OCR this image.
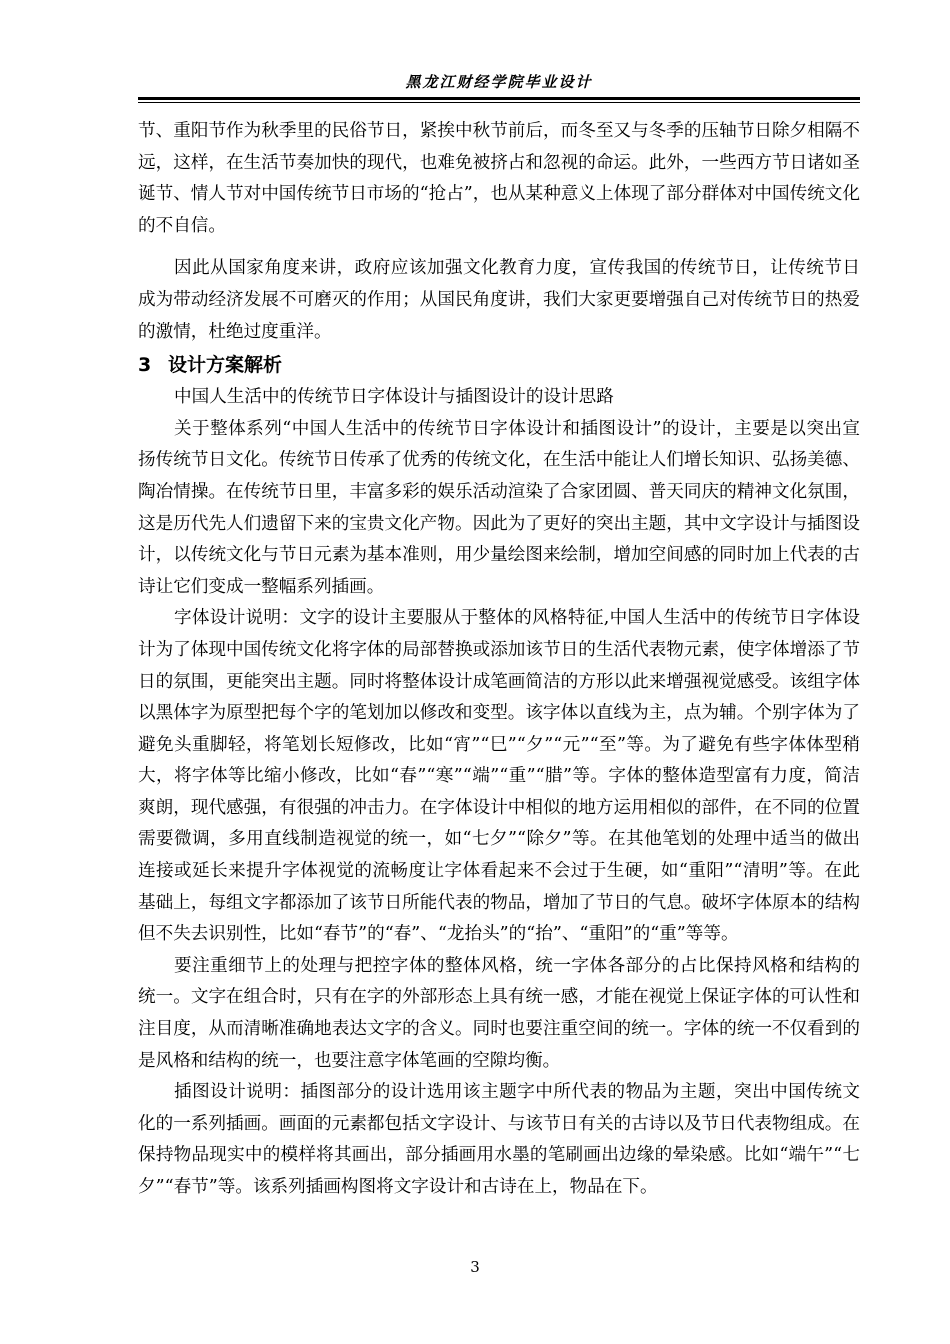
黑龙江财经学院毕业设计

节、重阳节作为秋季里的民俗节日，紧挨中秋节前后，而冬至又与冬季的压轴节日除夕相隔不远，这样，在生活节奏加快的现代，也难免被挤占和忽视的命运。此外，一些西方节日诸如圣诞节、情人节对中国传统节日市场的“抢占”，也从某种意义上体现了部分群体对中国传统文化的不自信。

因此从国家角度来讲，政府应该加强文化教育力度，宣传我国的传统节日，让传统节日成为带动经济发展不可磨灭的作用；从国民角度讲，我们大家更要增强自己对传统节日的热爱的激情，杜绝过度重洋。

3 设计方案解析

中国人生活中的传统节日字体设计与插图设计的设计思路

关于整体系列“中国人生活中的传统节日字体设计和插图设计”的设计，主要是以突出宣扬传统节日文化。传统节日传承了优秀的传统文化，在生活中能让人们增长知识、弘扬美德、陶冶情操。在传统节日里，丰富多彩的娱乐活动渲染了合家团圆、普天同庆的精神文化氛围，这是历代先人们遗留下来的宝贵文化产物。因此为了更好的突出主题，其中文字设计与插图设计，以传统文化与节日元素为基本准则，用少量绘图来绘制，增加空间感的同时加上代表的古诗让它们变成一整幅系列插画。

字体设计说明：文字的设计主要服从于整体的风格特征,中国人生活中的传统节日字体设计为了体现中国传统文化将字体的局部替换或添加该节日的生活代表物元素，使字体增添了节日的氛围，更能突出主题。同时将整体设计成笔画简洁的方形以此来增强视觉感受。该组字体以黑体字为原型把每个字的笔划加以修改和变型。该字体以直线为主，点为辅。个别字体为了避免头重脚轻，将笔划长短修改，比如“宵”“巳”“夕”“元”“至”等。为了避免有些字体体型稍大，将字体等比缩小修改，比如“春”“寒”“端”“重”“腊”等。字体的整体造型富有力度，简洁爽朗，现代感强，有很强的冲击力。在字体设计中相似的地方运用相似的部件，在不同的位置需要微调，多用直线制造视觉的统一，如“七夕”“除夕”等。在其他笔划的处理中适当的做出连接或延长来提升字体视觉的流畅度让字体看起来不会过于生硬，如“重阳”“清明”等。在此基础上，每组文字都添加了该节日所能代表的物品，增加了节日的气息。破坏字体原本的结构但不失去识别性，比如“春节”的“春”、“龙抬头”的“抬”、“重阳”的“重”等等。

要注重细节上的处理与把控字体的整体风格，统一字体各部分的占比保持风格和结构的统一。文字在组合时，只有在字的外部形态上具有统一感，才能在视觉上保证字体的可认性和注目度，从而清晰准确地表达文字的含义。同时也要注重空间的统一。字体的统一不仅看到的是风格和结构的统一，也要注意字体笔画的空隙均衡。

插图设计说明：插图部分的设计选用该主题字中所代表的物品为主题，突出中国传统文化的一系列插画。画面的元素都包括文字设计、与该节日有关的古诗以及节日代表物组成。在保持物品现实中的模样将其画出，部分插画用水墨的笔刷画出边缘的晕染感。比如“端午”“七夕”“春节”等。该系列插画构图将文字设计和古诗在上，物品在下。

3
